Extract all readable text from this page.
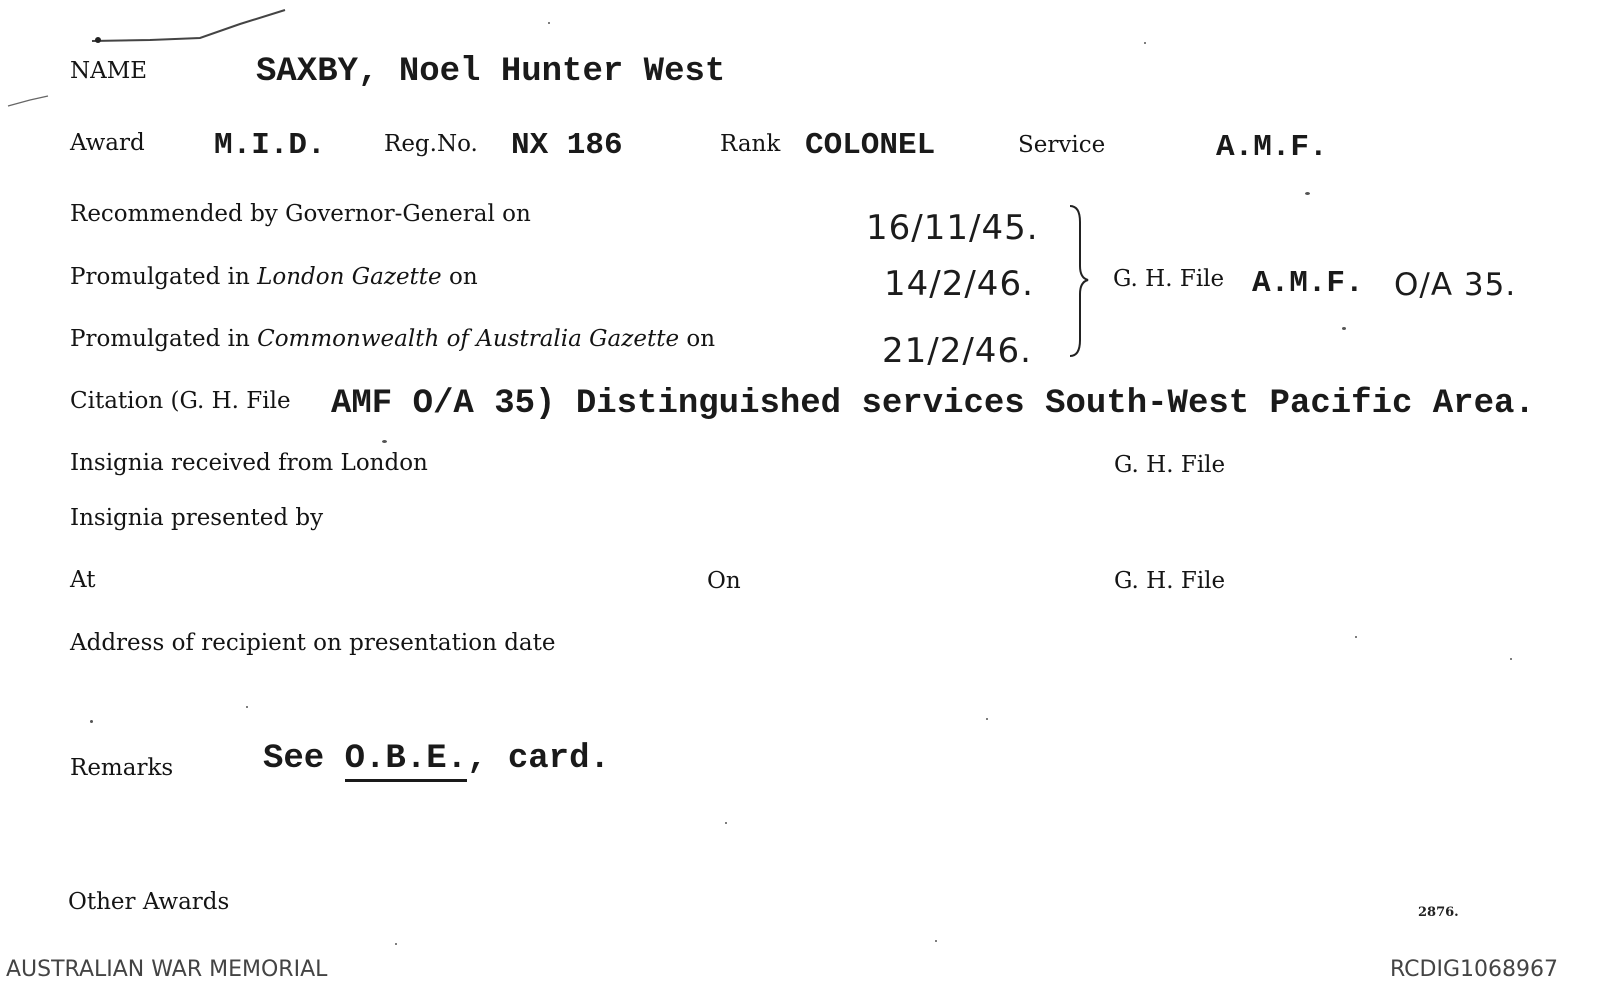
NAME	SAXBY, Noel Hunter West
Award M.I.D.	Reg.No. NX 186	Rank COLONEL	Service	A.M.F.
Recommended by Governor-General on	16/11/45.
Promulgated in London Gazette on	14/2/46.
Promulgated in Commonwealth of Australia Gazette on	21/2/46.
G. H. File A.M.F. O/A 35.
Citation (G. H. File AMF O/A 35) Distinguished services South-West Pacific Area.
Insignia received from London	G. H. File
Insignia presented by
At	On	G. H. File
Address of recipient on presentation date
Remarks	See O.B.E., card.
Other Awards	2876.
AUSTRALIAN WAR MEMORIAL	RCDIG1068967
